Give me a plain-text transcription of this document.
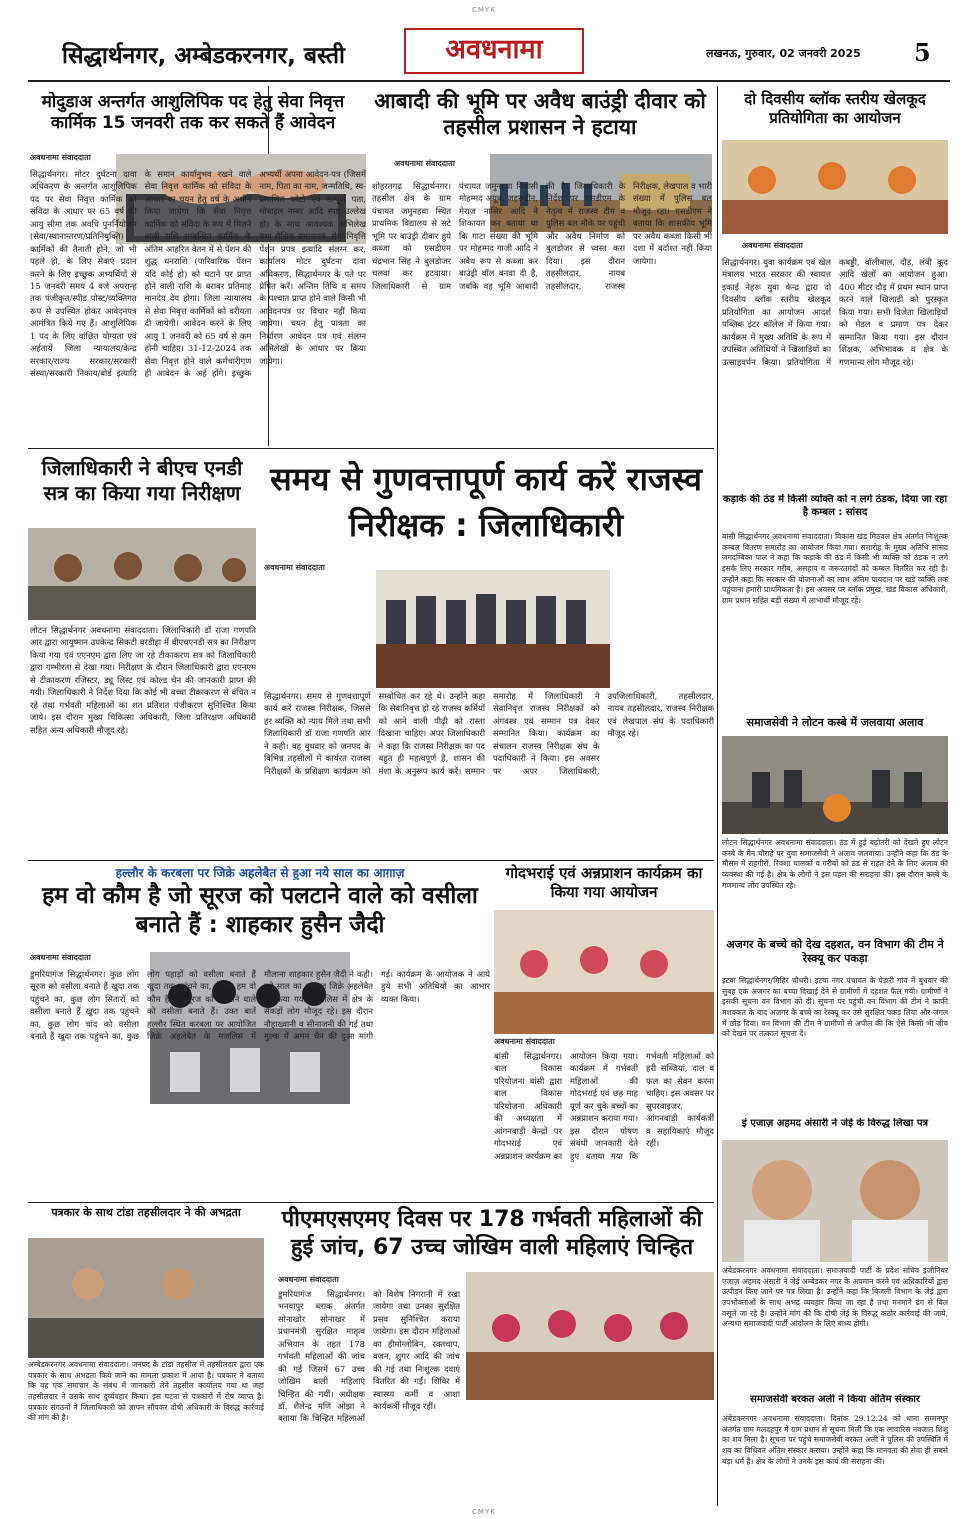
CMYK
सिद्धार्थनगर, अम्बेडकरनगर, बस्ती	अवधनामा	लखनऊ, गुरुवार, 02 जनवरी 2025	5
मोदुडाअ अन्तर्गत आशुलिपिक पद हेतु सेवा निवृत्त कार्मिक 15 जनवरी तक कर सकते हैं आवेदन
अवधनामा संवाददाता
सिद्धार्थनगर। मोटर दुर्घटना दावा अधिकरण के अन्तर्गत आशुलिपिक पद पर सेवा निवृत्त कार्मिक को संविदा के आधार पर 65 वर्ष की आयु सीमा तक अवधि पुनर्नियोजन (सेवा/स्थानान्तरण/प्रतिनियुक्ति) कार्मिकों की तैनाती होने, जो भी पहले हो, के लिए सेवाएं प्रदान करने के लिए इच्छुक अभ्यर्थियों से 15 जनवरी समय 4 बजे अपरान्ह तक पंजीकृत/स्पीड पोस्ट/व्यक्तिगत रूप से उपस्थित होकर आवेदनपत्र आमंत्रित किये गए हैं। आशुलिपिक 1 पद के लिए वांछित योग्यता एवं अर्हतायें जिला न्यायालय/केन्द्र सरकार/राज्य सरकार/सरकारी संस्था/सरकारी निकाय/बोर्ड इत्यादि के समान कार्यानुभव रखने वाले सेवा निवृत्त कार्मिक को संविदा के आधार पर चयन हेतु वर्ष के अधीन किया जायेगा कि सेवा निवृत्त कार्मिक को संविदा के रूप में मिलने वाली राशि सम्बन्धित कार्मिक के अंतिम आहरित वेतन में से पेंशन की शुद्ध धनराशि (पारिवारिक पेंशन यदि कोई हो) को घटाने पर प्राप्त होने वाली राशि के बराबर प्रतिमाह मानदेय देय होगा। जिला न्यायालय से सेवा निवृत्त कार्मिकों को वरीयता दी जायेगी। आवेदन करने के लिए आयु 1 जनवरी को 65 वर्ष से कम होनी चाहिए। 31-12-2024 तक सेवा निवृत्त होने वाले कर्मचारीगण ही आवेदन के अर्ह होंगे। इच्छुक अभ्यर्थी अपना आवेदन-पत्र (जिसमें नाम, पिता का नाम, जन्मतिथि, स्व-प्रमाणित फोटो एवं सम्पूर्ण पता, मोबाइल नम्बर आदि स्पष्ट उल्लेख हो) के साथ आवश्यक अभिलेख यथा शैक्षिक प्रमाणपत्र, सेवा-निवृत्ति पेंशन प्रपत्र इत्यादि संलग्न कर, कार्यालय मोटर दुर्घटना दावा अधिकरण, सिद्धार्थनगर के पते पर प्रेषित करें। अन्तिम तिथि व समय के पश्चात प्राप्त होने वाले किसी भी आवेदनपत्र पर विचार नहीं किया जायेगा। चयन हेतु पात्रता का निर्धारण आवेदन पत्र एवं संलग्न अभिलेखों के आधार पर किया जायेगा।
आबादी की भूमि पर अवैध बाउंड्री दीवार को तहसील प्रशासन ने हटाया
अवधनामा संवाददाता
शोहरतगढ़ सिद्धार्थनगर। तहसील क्षेत्र के ग्राम पंचायत जमुनहवा स्थित प्राथमिक विद्यालय से सटे भूमि पर बाउंड्री दीवार हुये कब्जा को एसडीएम चंद्रभान सिंह ने बुलडोजर चलवा कर हटवाया। जिलाधिकारी से ग्राम पंचायत जमुनहवा निवासी मोहम्मद अयूब, जहरूद्दीन, मेराज नासिर आदि ने शिकायत कर बताया था कि गाटा संख्या की भूमि पर मोहम्मद गाजी आदि ने अवैध रूप से कब्जा कर बाउंड्री वॉल बनवा दी है, जबकि वह भूमि आबादी की है। जिलाधिकारी के निर्देश पर एसडीएम के नेतृत्व में राजस्व टीम व पुलिस बल मौके पर पहुंची और अवैध निर्माण को बुलडोजर से ध्वस्त करा दिया। इस दौरान तहसीलदार, नायब तहसीलदार, राजस्व निरीक्षक, लेखपाल व भारी संख्या में पुलिस बल मौजूद रहा। एसडीएम ने बताया कि शासकीय भूमि पर अवैध कब्जा किसी भी दशा में बर्दाश्त नहीं किया जायेगा।
दो दिवसीय ब्लॉक स्तरीय खेलकूद प्रतियोगिता का आयोजन
अवधनामा संवाददाता
सिद्धार्थनगर। युवा कार्यक्रम एवं खेल मंत्रालय भारत सरकार की स्वायत्त इकाई नेहरू युवा केन्द्र द्वारा दो दिवसीय ब्लॉक स्तरीय खेलकूद प्रतियोगिता का आयोजन आदर्श पब्लिक इंटर कॉलेज में किया गया। कार्यक्रम में मुख्य अतिथि के रूप में उपस्थित अतिथियों ने खिलाड़ियों का उत्साहवर्धन किया। प्रतियोगिता में कबड्डी, वॉलीबाल, दौड़, लंबी कूद आदि खेलों का आयोजन हुआ। 400 मीटर दौड़ में प्रथम स्थान प्राप्त करने वाले खिलाड़ी को पुरस्कृत किया गया। सभी विजेता खिलाड़ियों को मेडल व प्रमाण पत्र देकर सम्मानित किया गया। इस दौरान शिक्षक, अभिभावक व क्षेत्र के गणमान्य लोग मौजूद रहे।
समय से गुणवत्तापूर्ण कार्य करें राजस्व निरीक्षक : जिलाधिकारी
अवधनामा संवाददाता
सिद्धार्थनगर। समय से गुणवत्तापूर्ण कार्य करें राजस्व निरीक्षक, जिससे हर व्यक्ति को न्याय मिले तथा सभी जिलाधिकारी डॉ राजा गणपति आर ने कही। वह बुधवार को जनपद के विभिन्न तहसीलों में कार्यरत राजस्व निरीक्षकों के प्रशिक्षण कार्यक्रम को सम्बोधित कर रहे थे। उन्होंने कहा कि सेवानिवृत्त हो रहे राजस्व कर्मियों को आने वाली पीढ़ी को रास्ता दिखाना चाहिए। अपर जिलाधिकारी ने कहा कि राजस्व निरीक्षक का पद बहुत ही महत्वपूर्ण है, शासन की मंशा के अनुरूप कार्य करें। सम्मान समारोह में जिलाधिकारी ने सेवानिवृत्त राजस्व निरीक्षकों को अंगवस्त्र एवं सम्मान पत्र देकर सम्मानित किया। कार्यक्रम का संचालन राजस्व निरीक्षक संघ के पदाधिकारी ने किया। इस अवसर पर अपर जिलाधिकारी, उपजिलाधिकारी, तहसीलदार, नायब तहसीलदार, राजस्व निरीक्षक एवं लेखपाल संघ के पदाधिकारी मौजूद रहे।
जिलाधिकारी ने बीएच एनडी सत्र का किया गया निरीक्षण
लोटन सिद्धार्थनगर अवधनामा संवाददाता। जिलाधिकारी डॉ राजा गणपति आर द्वारा आयुष्मान उपकेन्द्र सिकटी बरडीहा में बीएचएनडी सत्र का निरीक्षण किया गया एवं एएनएम द्वारा लिए जा रहे टीकाकरण सत्र को जिलाधिकारी द्वारा गम्भीरता से देखा गया। निरीक्षण के दौरान जिलाधिकारी द्वारा एएनएम से टीकाकरण रजिस्टर, ड्यू लिस्ट एवं कोल्ड चेन की जानकारी प्राप्त की गयी। जिलाधिकारी ने निर्देश दिया कि कोई भी बच्चा टीकाकरण से वंचित न रहे तथा गर्भवती महिलाओं का शत प्रतिशत पंजीकरण सुनिश्चित किया जाये। इस दौरान मुख्य चिकित्सा अधिकारी, जिला प्रतिरक्षण अधिकारी सहित अन्य अधिकारी मौजूद रहे।
कड़ाके की ठंड में किसी व्यक्ति को न लगे ठंडक, दिया जा रहा है कम्बल : सांसद
बांसी सिद्धार्थनगर अवधनामा संवाददाता। विकास खंड मिठवल क्षेत्र अंतर्गत निःशुल्क कम्बल वितरण समारोह का आयोजन किया गया। समारोह के मुख्य अतिथि सांसद जगदम्बिका पाल ने कहा कि कड़ाके की ठंड में किसी भी व्यक्ति को ठंडक न लगे इसके लिए सरकार गरीब, असहाय व जरूरतमंदों को कम्बल वितरित कर रही है। उन्होंने कहा कि सरकार की योजनाओं का लाभ अंतिम पायदान पर खड़े व्यक्ति तक पहुंचाना हमारी प्राथमिकता है। इस अवसर पर ब्लॉक प्रमुख, खंड विकास अधिकारी, ग्राम प्रधान सहित बड़ी संख्या में लाभार्थी मौजूद रहे।
समाजसेवी ने लोटन कस्बे में जलवाया अलाव
लोटन सिद्धार्थनगर अवधनामा संवाददाता। ठंड में हुई बढ़ोतरी को देखते हुए लोटन कस्बे के मेन चौराहे पर युवा समाजसेवी ने अलाव जलवाया। उन्होंने कहा कि ठंड के मौसम में राहगीरों, रिक्शा चालकों व गरीबों को ठंड से राहत देने के लिए अलाव की व्यवस्था की गई है। क्षेत्र के लोगों ने इस पहल की सराहना की। इस दौरान कस्बे के गणमान्य लोग उपस्थित रहे।
अजगर के बच्चे को देख दहशत, वन विभाग की टीम ने रेस्क्यू कर पकड़ा
इटवा सिद्धार्थनगर/मिहिर चौधरी। इटवा नगर पंचायत के पेड़ारी गांव में बुधवार की सुबह एक अजगर का बच्चा दिखाई देने से ग्रामीणों में दहशत फैल गयी। ग्रामीणों ने इसकी सूचना वन विभाग को दी। सूचना पर पहुंची वन विभाग की टीम ने काफी मशक्कत के बाद अजगर के बच्चे का रेस्क्यू कर उसे सुरक्षित पकड़ लिया और जंगल में छोड़ दिया। वन विभाग की टीम ने ग्रामीणों से अपील की कि ऐसे किसी भी जीव को देखने पर तत्काल सूचना दें।
इं एजाज़ अहमद अंसारी ने जेई के विरुद्ध लिखा पत्र
अंबेडकरनगर अवधनामा संवाददाता। समाजवादी पार्टी के प्रदेश सचिव इंजीनियर एजाज़ अहमद अंसारी ने जेई अम्बेडकर नगर के अपमान करने एवं अधिकारियों द्वारा उत्पीड़न किए जाने पर पत्र लिखा है। उन्होंने कहा कि बिजली विभाग के जेई द्वारा उपभोक्ताओं के साथ अभद्र व्यवहार किया जा रहा है तथा मनमाने ढंग से बिल वसूले जा रहे हैं। उन्होंने मांग की कि दोषी जेई के विरुद्ध कठोर कार्रवाई की जाये, अन्यथा समाजवादी पार्टी आंदोलन के लिए बाध्य होगी।
समाजसेवी बरकत अली ने किया अंतिम संस्कार
अंबेडकरनगर अवधनामा संवाददाता। दिनांक 29.12.24 को थाना सम्मनपुर अंतर्गत ग्राम मलदहपुर में ग्राम प्रधान से सूचना मिली कि एक लावारिस नवजात शिशु का शव मिला है। सूचना पर पहुंचे समाजसेवी बरकत अली ने पुलिस की उपस्थिति में शव का विधिवत अंतिम संस्कार कराया। उन्होंने कहा कि मानवता की सेवा ही सबसे बड़ा धर्म है। क्षेत्र के लोगों ने उनके इस कार्य की सराहना की।
हल्लौर के करबला पर जिक्रे अहलेबैत से हुआ नये साल का आग़ाज़
हम वो कौम है जो सूरज को पलटाने वाले को वसीला बनाते हैं : शाहकार हुसैन जैदी
अवधनामा संवाददाता
डुमरियागंज सिद्धार्थनगर। कुछ लोग सूरज को वसीला बनाते हैं खुदा तक पहुंचने का, कुछ लोग सितारों को वसीला बनाते हैं खुदा तक पहुंचने का, कुछ लोग चांद को वसीला बनाते हैं खुदा तक पहुंचने का, कुछ लोग पहाड़ों को वसीला बनाते हैं खुदा तक पहुंचने का, लेकिन हम वो कौम हैं जो सूरज को पलटाने वाले को वसीला बनाते हैं। उक्त बातें हल्लौर स्थित करबला पर आयोजित जिक्रे अहलेबैत के मजलिस में मौलाना शाहकार हुसैन जैदी ने कही। नये साल का आग़ाज़ जिक्रे अहलेबैत से किया गया। मजलिस में क्षेत्र के सैकड़ों लोग मौजूद रहे। इस दौरान नौहाख्वानी व सीनाजनी की गई तथा मुल्क में अमन चैन की दुआ मांगी गई। कार्यक्रम के आयोजक ने आये हुये सभी अतिथियों का आभार व्यक्त किया।
गोदभराई एवं अन्नप्राशन कार्यक्रम का किया गया आयोजन
अवधनामा संवाददाता
बांसी सिद्धार्थनगर। बाल विकास परियोजना बांसी द्वारा बाल विकास परियोजना अधिकारी की अध्यक्षता में आंगनबाड़ी केन्द्रों पर गोदभराई एवं अन्नप्राशन कार्यक्रम का आयोजन किया गया। कार्यक्रम में गर्भवती महिलाओं की गोदभराई एवं छह माह पूर्ण कर चुके बच्चों का अन्नप्राशन कराया गया। इस दौरान पोषण संबंधी जानकारी देते हुए बताया गया कि गर्भवती महिलाओं को हरी सब्जियां, दाल व फल का सेवन करना चाहिए। इस अवसर पर सुपरवाइजर, आंगनबाड़ी कार्यकर्त्री व सहायिकाएं मौजूद रहीं।
पत्रकार के साथ टांडा तहसीलदार ने की अभद्रता
अम्बेडकरनगर अवधनामा संवाददाता। जनपद के टांडा तहसील में तहसीलदार द्वारा एक पत्रकार के साथ अभद्रता किये जाने का मामला प्रकाश में आया है। पत्रकार ने बताया कि वह एक समाचार के संबंध में जानकारी लेने तहसील कार्यालय गया था जहां तहसीलदार ने उसके साथ दुर्व्यवहार किया। इस घटना से पत्रकारों में रोष व्याप्त है। पत्रकार संगठनों ने जिलाधिकारी को ज्ञापन सौंपकर दोषी अधिकारी के विरुद्ध कार्रवाई की मांग की है।
पीएमएसएमए दिवस पर 178 गर्भवती महिलाओं की हुई जांच, 67 उच्च जोखिम वाली महिलाएं चिन्हित
अवधनामा संवाददाता
डुमरियागंज सिद्धार्थनगर। भनवापुर ब्लाक अंतर्गत सोनाखोर सोनाखर में प्रधानमंत्री सुरक्षित मातृत्व अभियान के तहत 178 गर्भवती महिलाओं की जांच की गई जिसमें 67 उच्च जोखिम वाली महिलाएं चिन्हित की गयीं। अधीक्षक डॉ. शैलेन्द्र मणि ओझा ने बताया कि चिन्हित महिलाओं को विशेष निगरानी में रखा जायेगा तथा उनका सुरक्षित प्रसव सुनिश्चित कराया जायेगा। इस दौरान महिलाओं का हीमोग्लोबिन, रक्तचाप, वजन, शुगर आदि की जांच की गई तथा निःशुल्क दवाएं वितरित की गईं। शिविर में स्वास्थ्य कर्मी व आशा कार्यकर्त्री मौजूद रहीं।
CMYK
